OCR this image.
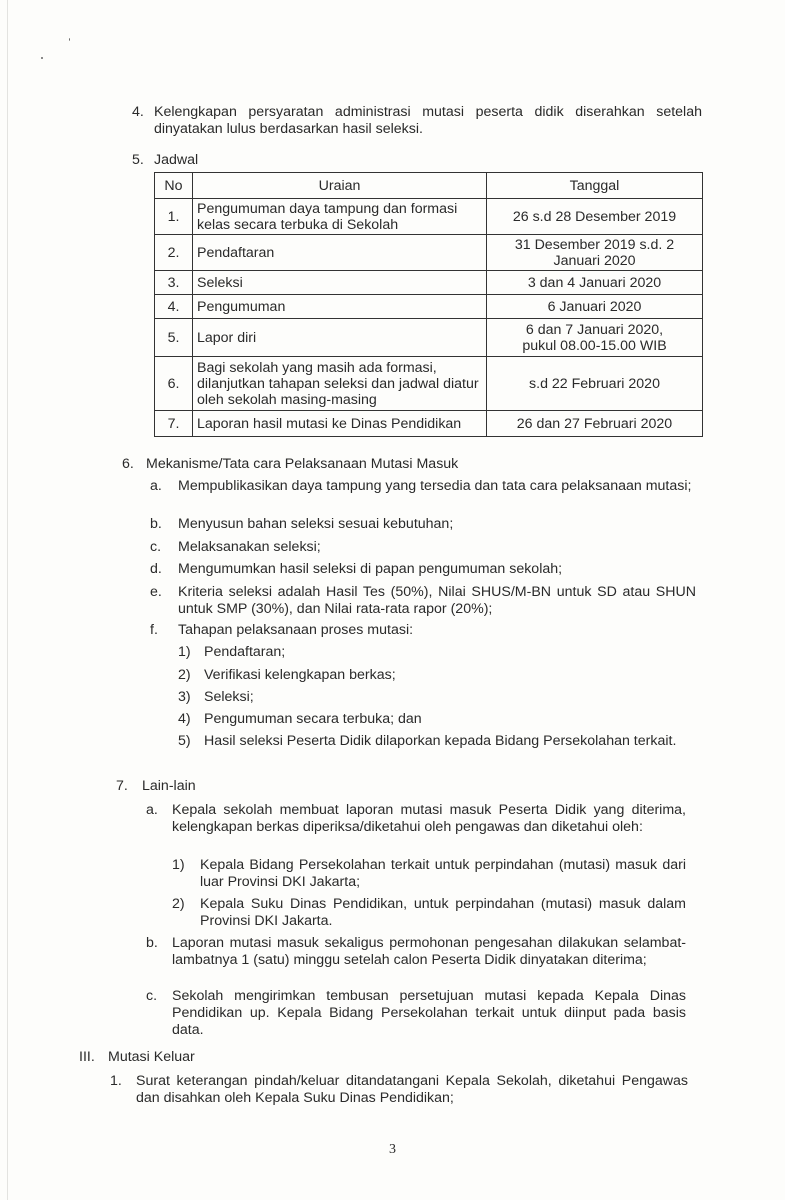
4. Kelengkapan persyaratan administrasi mutasi peserta didik diserahkan setelah dinyatakan lulus berdasarkan hasil seleksi.
5. Jadwal
No	Uraian	Tanggal
1.	Pengumuman daya tampung dan formasi kelas secara terbuka di Sekolah	26 s.d 28 Desember 2019
2.	Pendaftaran	31 Desember 2019 s.d. 2 Januari 2020
3.	Seleksi	3 dan 4 Januari 2020
4.	Pengumuman	6 Januari 2020
5.	Lapor diri	6 dan 7 Januari 2020, pukul 08.00-15.00 WIB
6.	Bagi sekolah yang masih ada formasi, dilanjutkan tahapan seleksi dan jadwal diatur oleh sekolah masing-masing	s.d 22 Februari 2020
7.	Laporan hasil mutasi ke Dinas Pendidikan	26 dan 27 Februari 2020
6. Mekanisme/Tata cara Pelaksanaan Mutasi Masuk
a. Mempublikasikan daya tampung yang tersedia dan tata cara pelaksanaan mutasi;
b. Menyusun bahan seleksi sesuai kebutuhan;
c. Melaksanakan seleksi;
d. Mengumumkan hasil seleksi di papan pengumuman sekolah;
e. Kriteria seleksi adalah Hasil Tes (50%), Nilai SHUS/M-BN untuk SD atau SHUN untuk SMP (30%), dan Nilai rata-rata rapor (20%);
f. Tahapan pelaksanaan proses mutasi:
1) Pendaftaran;
2) Verifikasi kelengkapan berkas;
3) Seleksi;
4) Pengumuman secara terbuka; dan
5) Hasil seleksi Peserta Didik dilaporkan kepada Bidang Persekolahan terkait.
7. Lain-lain
a. Kepala sekolah membuat laporan mutasi masuk Peserta Didik yang diterima, kelengkapan berkas diperiksa/diketahui oleh pengawas dan diketahui oleh:
1) Kepala Bidang Persekolahan terkait untuk perpindahan (mutasi) masuk dari luar Provinsi DKI Jakarta;
2) Kepala Suku Dinas Pendidikan, untuk perpindahan (mutasi) masuk dalam Provinsi DKI Jakarta.
b. Laporan mutasi masuk sekaligus permohonan pengesahan dilakukan selambat-lambatnya 1 (satu) minggu setelah calon Peserta Didik dinyatakan diterima;
c. Sekolah mengirimkan tembusan persetujuan mutasi kepada Kepala Dinas Pendidikan up. Kepala Bidang Persekolahan terkait untuk diinput pada basis data.
III. Mutasi Keluar
1. Surat keterangan pindah/keluar ditandatangani Kepala Sekolah, diketahui Pengawas dan disahkan oleh Kepala Suku Dinas Pendidikan;
3
